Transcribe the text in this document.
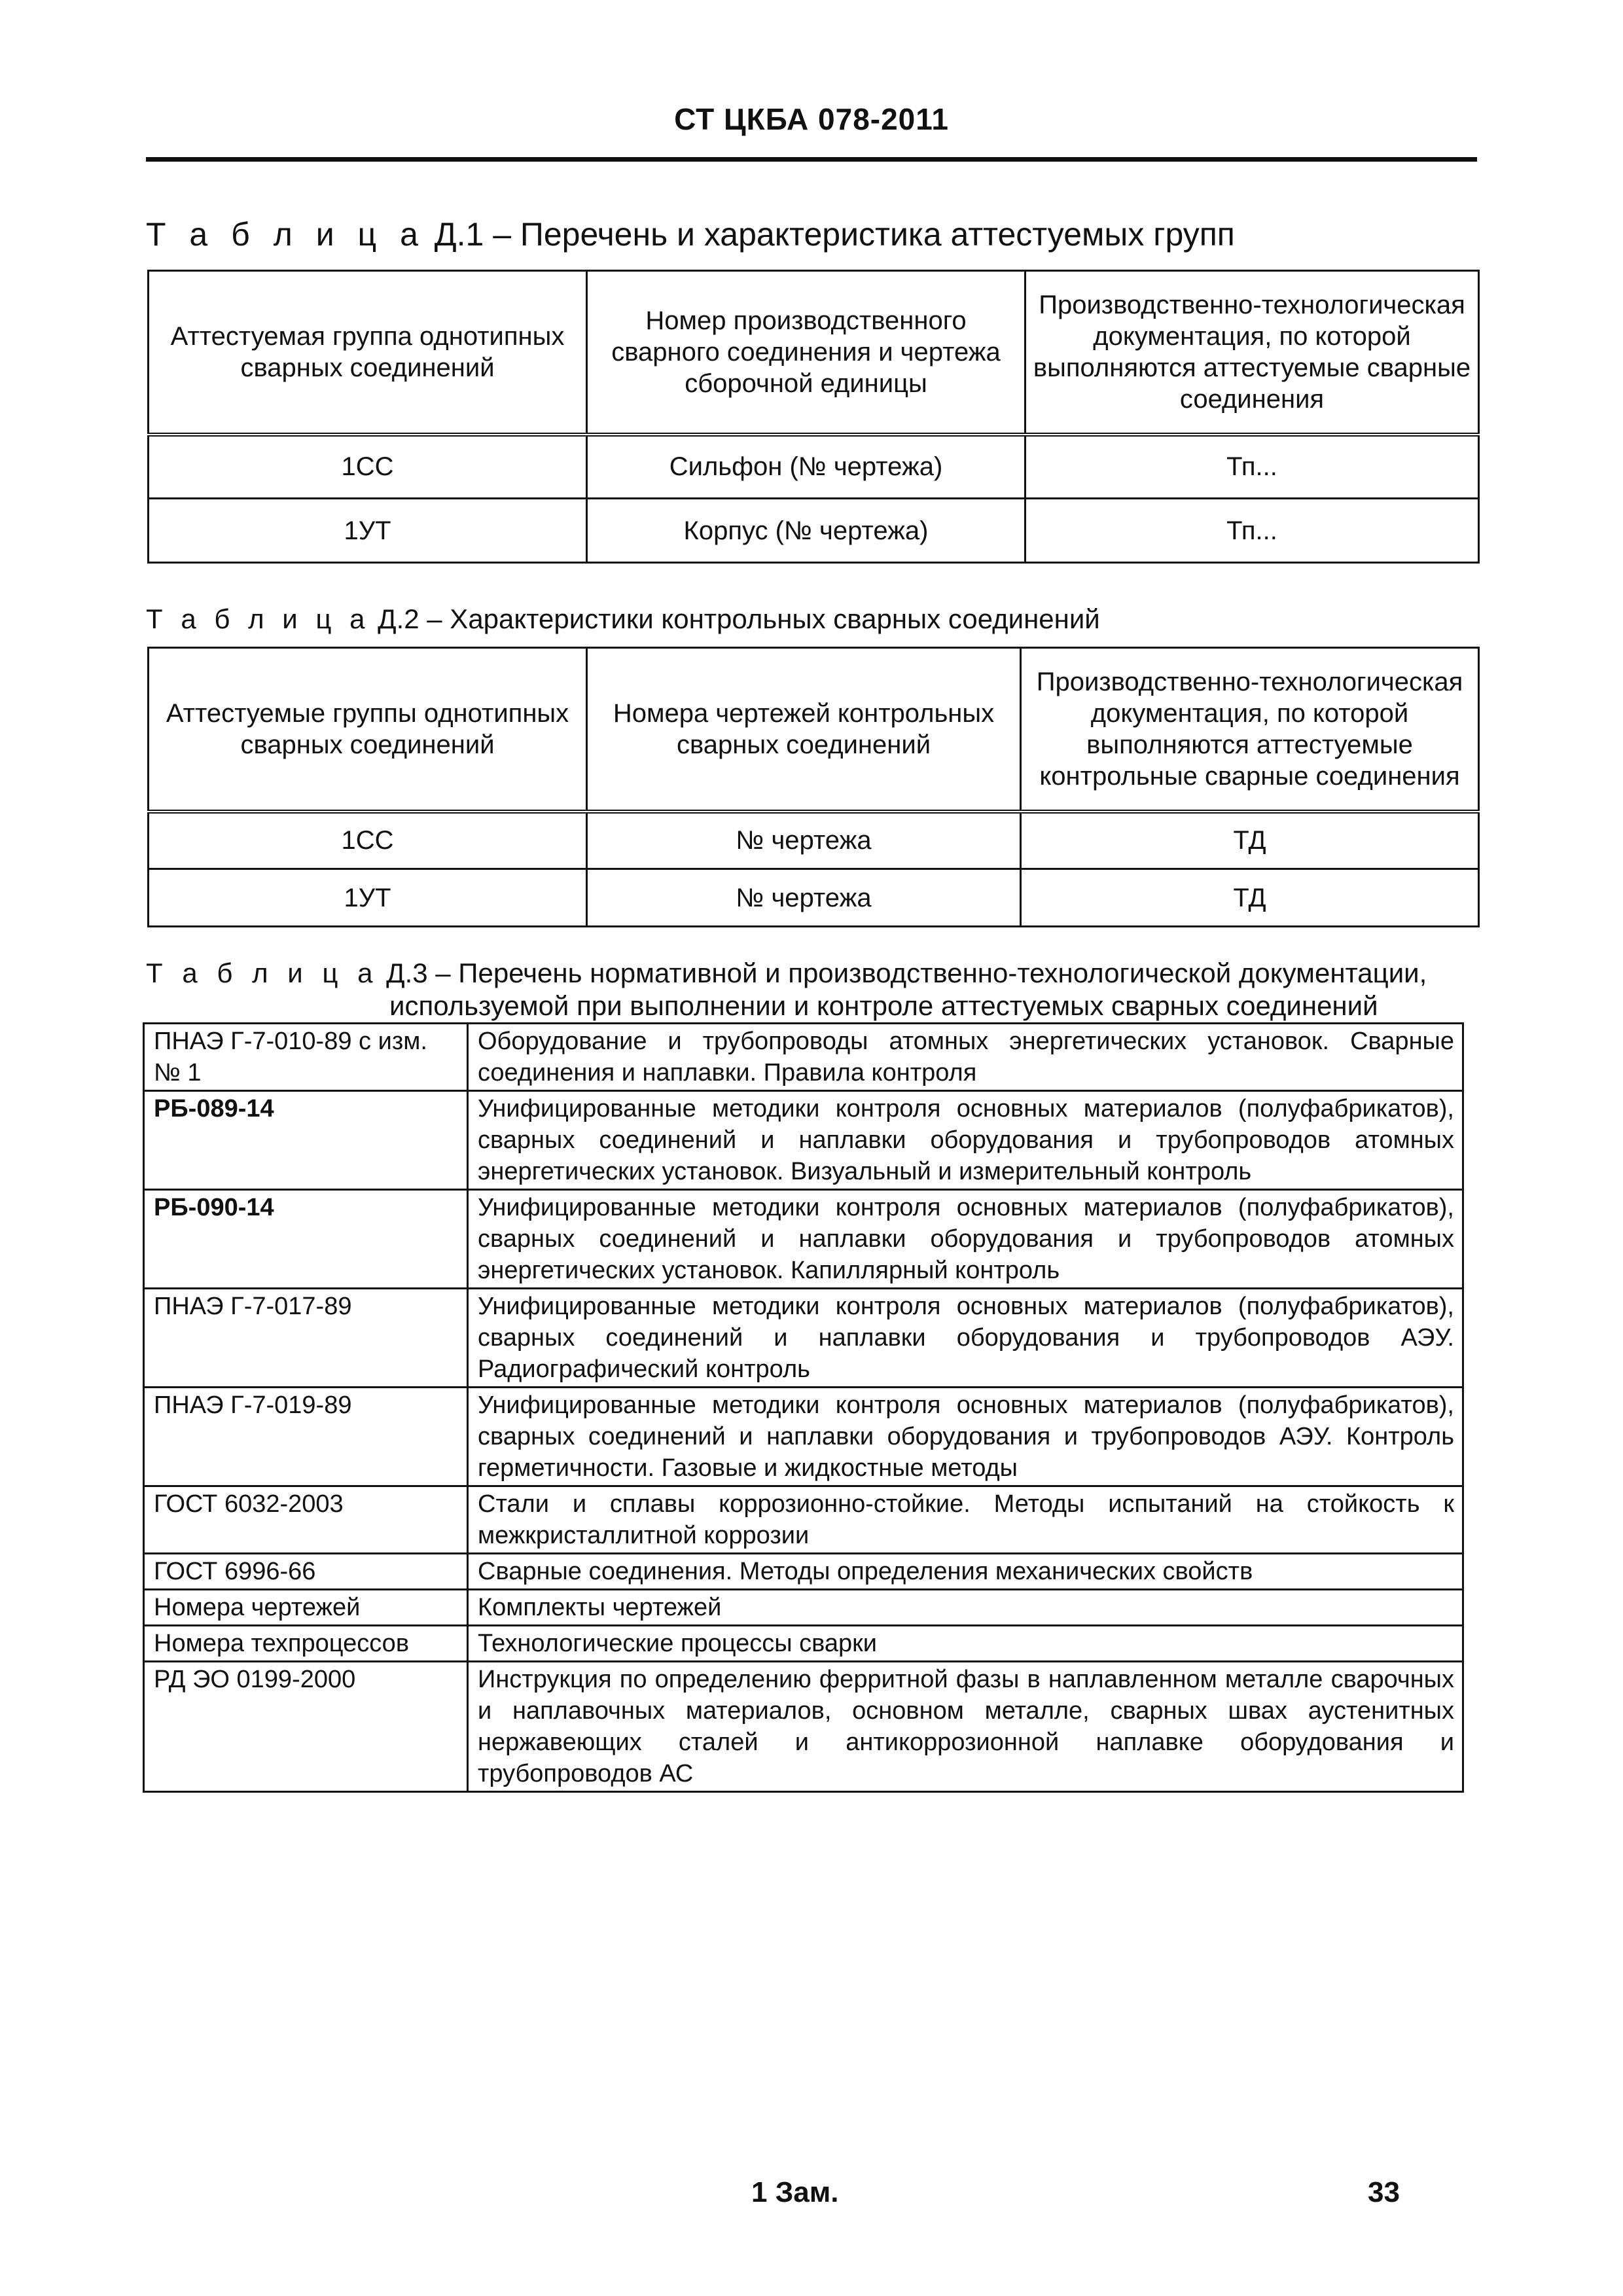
СТ ЦКБА 078-2011
Т а б л и ц а Д.1 – Перечень и характеристика аттестуемых групп
Аттестуемая группа однотипных сварных соединений	Номер производственного сварного соединения и чертежа сборочной единицы	Производственно-технологическая документация, по которой выполняются аттестуемые сварные соединения
1СС	Сильфон (№ чертежа)	Тп...
1УТ	Корпус (№ чертежа)	Тп...
Т а б л и ц а Д.2 – Характеристики контрольных сварных соединений
Аттестуемые группы однотипных сварных соединений	Номера чертежей контрольных сварных соединений	Производственно-технологическая документация, по которой выполняются аттестуемые контрольные сварные соединения
1СС	№ чертежа	ТД
1УТ	№ чертежа	ТД
Т а б л и ц а Д.3 – Перечень нормативной и производственно-технологической документации,
используемой при выполнении и контроле аттестуемых сварных соединений
ПНАЭ Г-7-010-89 с изм. № 1	Оборудование и трубопроводы атомных энергетических установок. Сварные соединения и наплавки. Правила контроля
РБ-089-14	Унифицированные методики контроля основных материалов (полуфабрикатов), сварных соединений и наплавки оборудования и трубопроводов атомных энергетических установок. Визуальный и измерительный контроль
РБ-090-14	Унифицированные методики контроля основных материалов (полуфабрикатов), сварных соединений и наплавки оборудования и трубопроводов атомных энергетических установок. Капиллярный контроль
ПНАЭ Г-7-017-89	Унифицированные методики контроля основных материалов (полуфабрикатов), сварных соединений и наплавки оборудования и трубопроводов АЭУ. Радиографический контроль
ПНАЭ Г-7-019-89	Унифицированные методики контроля основных материалов (полуфабрикатов), сварных соединений и наплавки оборудования и трубопроводов АЭУ. Контроль герметичности. Газовые и жидкостные методы
ГОСТ 6032-2003	Стали и сплавы коррозионно-стойкие. Методы испытаний на стойкость к межкристаллитной коррозии
ГОСТ 6996-66	Сварные соединения. Методы определения механических свойств
Номера чертежей	Комплекты чертежей
Номера техпроцессов	Технологические процессы сварки
РД ЭО 0199-2000	Инструкция по определению ферритной фазы в наплавленном металле сварочных и наплавочных материалов, основном металле, сварных швах аустенитных нержавеющих сталей и антикоррозионной наплавке оборудования и трубопроводов АС
1 Зам.	33
